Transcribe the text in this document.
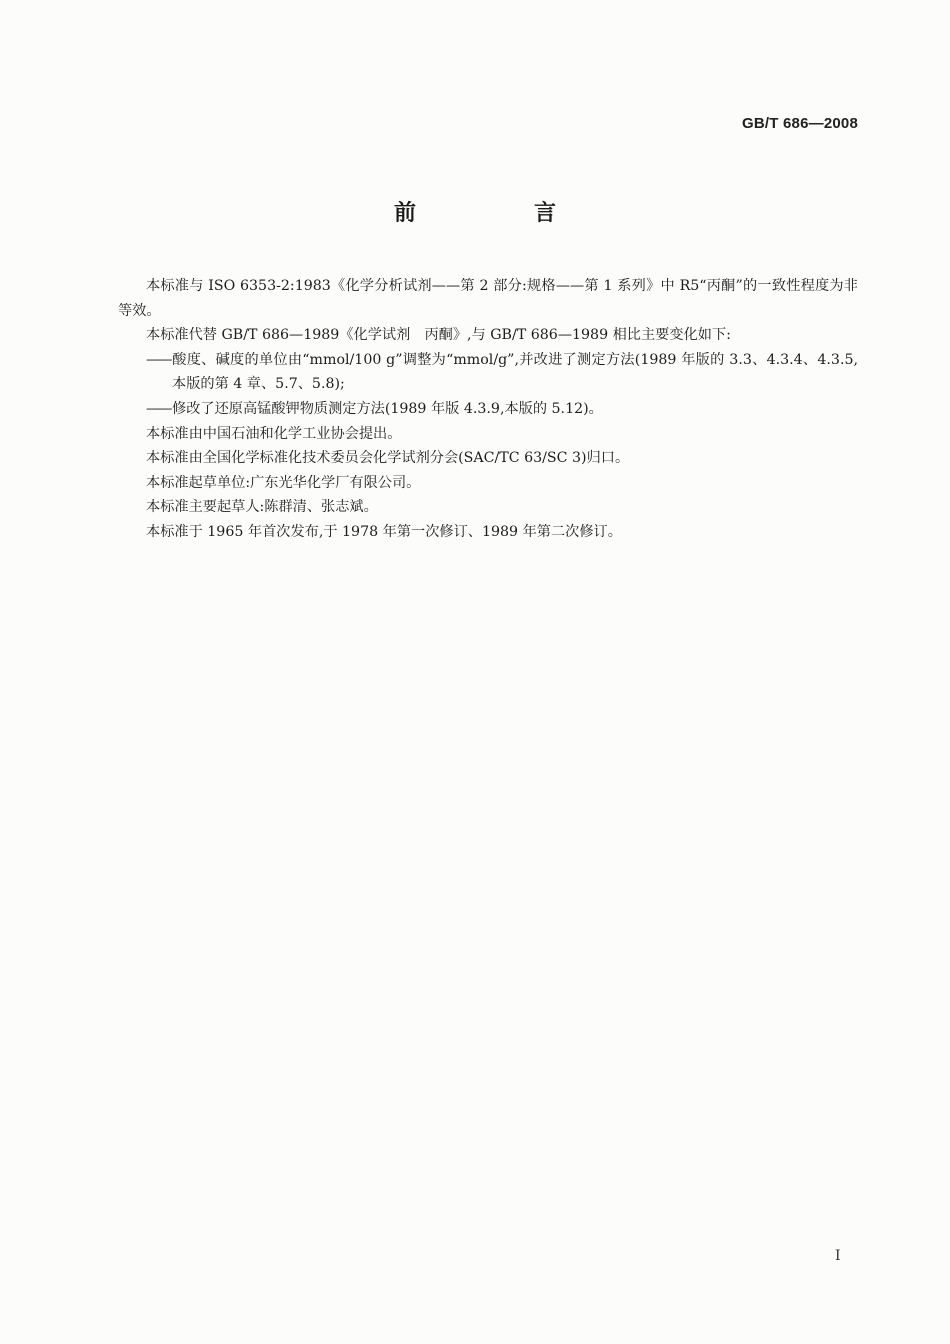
GB/T 686—2008
前　言

本标准与 ISO 6353-2:1983《化学分析试剂——第 2 部分:规格——第 1 系列》中 R5“丙酮”的一致性程度为非等效。

本标准代替 GB/T 686—1989《化学试剂　丙酮》,与 GB/T 686—1989 相比主要变化如下:

—— 酸度、碱度的单位由“mmol/100 g”调整为“mmol/g”,并改进了测定方法(1989 年版的 3.3、4.3.4、4.3.5,本版的第 4 章、5.7、5.8);

—— 修改了还原高锰酸钾物质测定方法(1989 年版 4.3.9,本版的 5.12)。

本标准由中国石油和化学工业协会提出。

本标准由全国化学标准化技术委员会化学试剂分会(SAC/TC 63/SC 3)归口。

本标准起草单位:广东光华化学厂有限公司。

本标准主要起草人:陈群清、张志斌。

本标准于 1965 年首次发布,于 1978 年第一次修订、1989 年第二次修订。

I
